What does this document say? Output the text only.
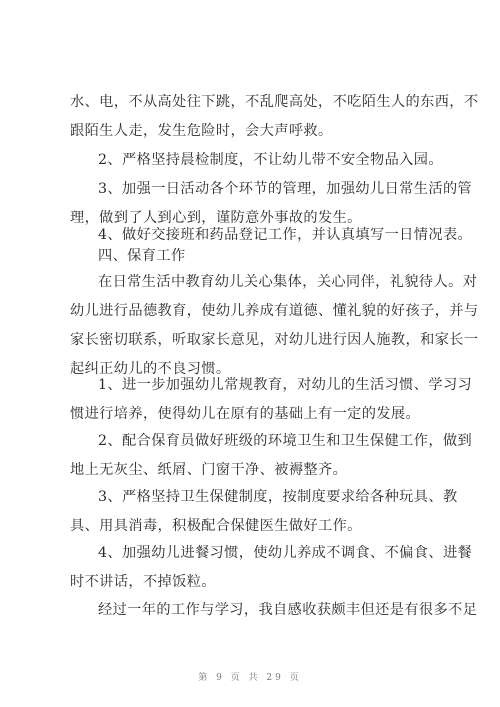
水、电，不从高处往下跳，不乱爬高处，不吃陌生人的东西，不
跟陌生人走，发生危险时，会大声呼救。

2、严格坚持晨检制度，不让幼儿带不安全物品入园。

3、加强一日活动各个环节的管理，加强幼儿日常生活的管
理，做到了人到心到，谨防意外事故的发生。

4、做好交接班和药品登记工作，并认真填写一日情况表。

四、保育工作

在日常生活中教育幼儿关心集体，关心同伴，礼貌待人。对
幼儿进行品德教育，使幼儿养成有道德、懂礼貌的好孩子，并与
家长密切联系，听取家长意见，对幼儿进行因人施教，和家长一
起纠正幼儿的不良习惯。

1、进一步加强幼儿常规教育，对幼儿的生活习惯、学习习
惯进行培养，使得幼儿在原有的基础上有一定的发展。

2、配合保育员做好班级的环境卫生和卫生保健工作，做到
地上无灰尘、纸屑、门窗干净、被褥整齐。

3、严格坚持卫生保健制度，按制度要求给各种玩具、教
具、用具消毒，积极配合保健医生做好工作。

4、加强幼儿进餐习惯，使幼儿养成不调食、不偏食、进餐
时不讲话，不掉饭粒。

经过一年的工作与学习，我自感收获颇丰但还是有很多不足

第 9 页 共 29 页
